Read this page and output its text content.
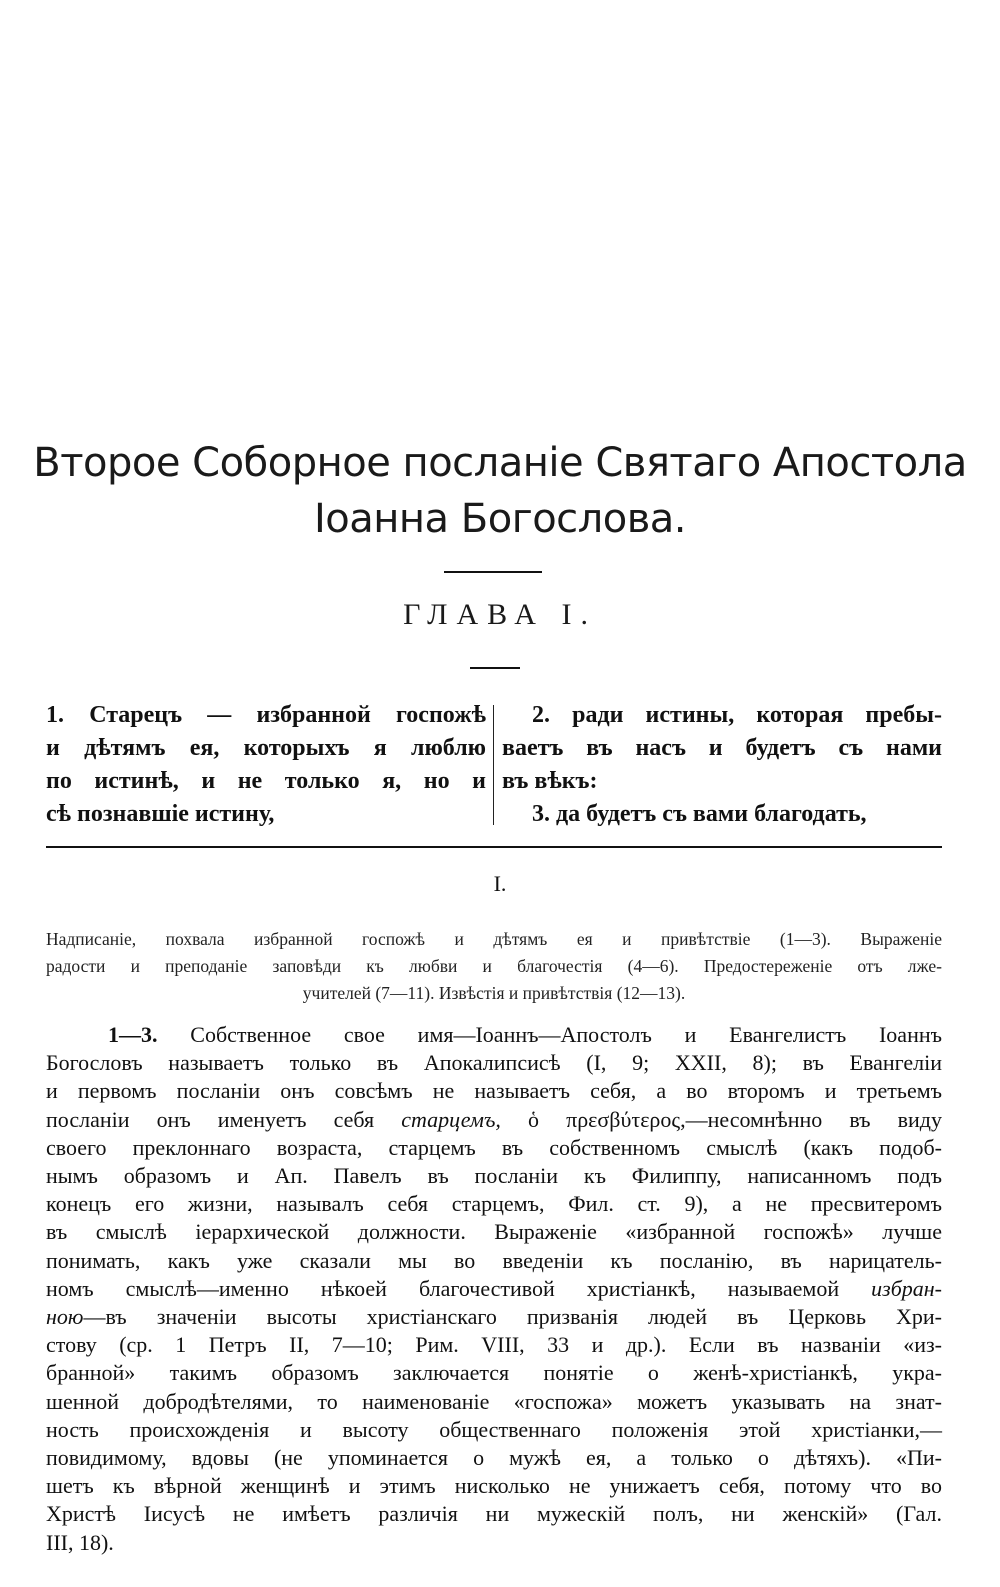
Второе Соборное посланіе Святаго Апостола
Іоанна Богослова.
ГЛАВА I.
1. Старецъ — избранной госпожѣ
и дѣтямъ ея, которыхъ я люблю
по истинѣ, и не только я, но и
сѣ познавшіе истину,
2. ради истины, которая пребы-
ваетъ въ насъ и будетъ съ нами
въ вѣкъ:
3. да будетъ съ вами благодать,
I.
Надписаніе, похвала избранной госпожѣ и дѣтямъ ея и привѣтствіе (1—3). Выраженіе
радости и преподаніе заповѣди къ любви и благочестія (4—6). Предостереженіе отъ лже-
учителей (7—11). Извѣстія и привѣтствія (12—13).
1—3. Собственное свое имя—Іоаннъ—Апостолъ и Евангелистъ Іоаннъ
Богословъ называетъ только въ Апокалипсисѣ (I, 9; XXII, 8); въ Евангеліи
и первомъ посланіи онъ совсѣмъ не называетъ себя, а во второмъ и третьемъ
посланіи онъ именуетъ себя старцемъ, ὁ πρεσβύτερος,—несомнѣнно въ виду
своего преклоннаго возраста, старцемъ въ собственномъ смыслѣ (какъ подоб-
нымъ образомъ и Ап. Павелъ въ посланіи къ Филиппу, написанномъ подъ
конецъ его жизни, называлъ себя старцемъ, Фил. ст. 9), а не пресвитеромъ
въ смыслѣ іерархической должности. Выраженіе «избранной госпожѣ» лучше
понимать, какъ уже сказали мы во введеніи къ посланію, въ нарицатель-
номъ смыслѣ—именно нѣкоей благочестивой христіанкѣ, называемой избран-
ною—въ значеніи высоты христіанскаго призванія людей въ Церковь Хри-
стову (ср. 1 Петръ II, 7—10; Рим. VIII, 33 и др.). Если въ названіи «из-
бранной» такимъ образомъ заключается понятіе о женѣ-христіанкѣ, укра-
шенной добродѣтелями, то наименованіе «госпожа» можетъ указывать на знат-
ность происхожденія и высоту общественнаго положенія этой христіанки,—
повидимому, вдовы (не упоминается о мужѣ ея, а только о дѣтяхъ). «Пи-
шетъ къ вѣрной женщинѣ и этимъ нисколько не унижаетъ себя, потому что во
Христѣ Іисусѣ не имѣетъ различія ни мужескій полъ, ни женскій» (Гал.
III, 18).
